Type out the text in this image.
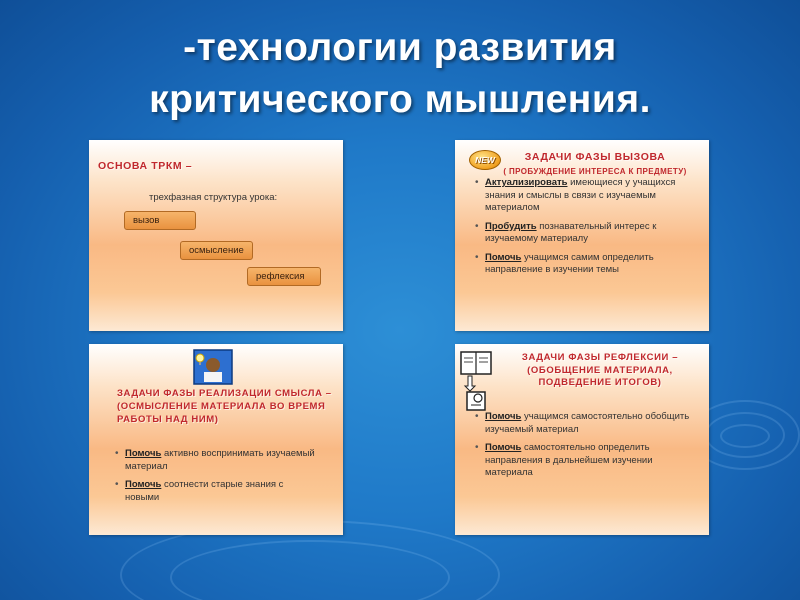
-технологии развития
критического мышления.
ОСНОВА ТРКМ –
трехфазная структура урока:
вызов
осмысление
рефлексия
NEW	ЗАДАЧИ ФАЗЫ ВЫЗОВА
( ПРОБУЖДЕНИЕ ИНТЕРЕСА К ПРЕДМЕТУ)
• Актуализировать имеющиеся у учащихся знания и смыслы в связи с изучаемым материалом
• Пробудить познавательный интерес к изучаемому материалу
• Помочь учащимся самим определить направление в изучении темы
ЗАДАЧИ ФАЗЫ РЕАЛИЗАЦИИ СМЫСЛА – (ОСМЫСЛЕНИЕ МАТЕРИАЛА ВО ВРЕМЯ РАБОТЫ НАД НИМ)
• Помочь активно воспринимать изучаемый материал
• Помочь соотнести старые знания с новыми
ЗАДАЧИ ФАЗЫ РЕФЛЕКСИИ – (ОБОБЩЕНИЕ МАТЕРИАЛА, ПОДВЕДЕНИЕ ИТОГОВ)
• Помочь учащимся самостоятельно обобщить изучаемый материал
• Помочь самостоятельно определить направления в дальнейшем изучении материала
